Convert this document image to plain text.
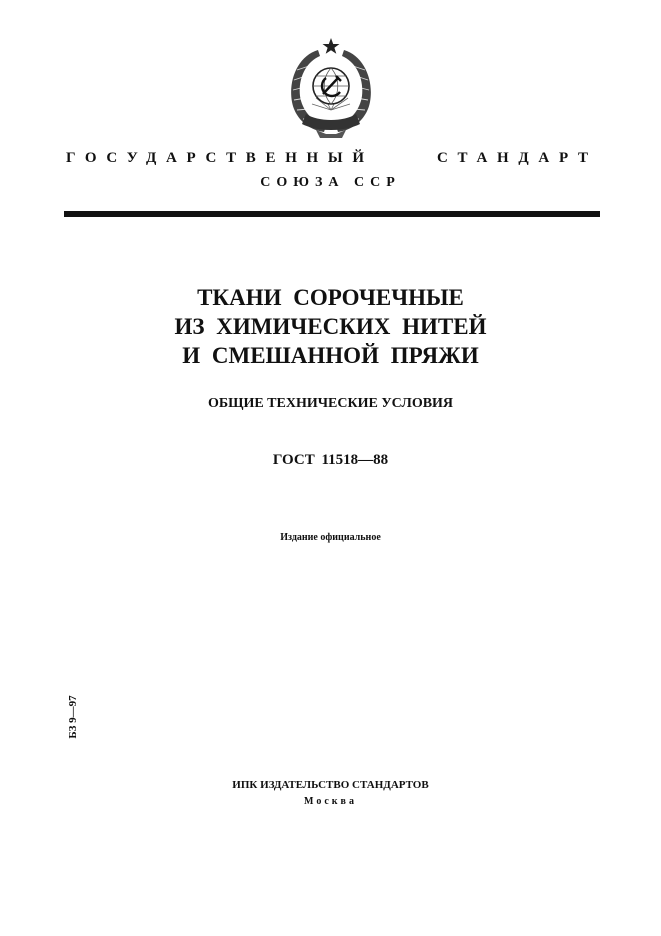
ГОСУДАРСТВЕННЫЙ	СТАНДАРТ
СОЮЗА ССР
ТКАНИ СОРОЧЕЧНЫЕ
ИЗ ХИМИЧЕСКИХ НИТЕЙ
И СМЕШАННОЙ ПРЯЖИ
ОБЩИЕ ТЕХНИЧЕСКИЕ УСЛОВИЯ
ГОСТ 11518—88
Издание официальное
БЗ 9—97
ИПК ИЗДАТЕЛЬСТВО СТАНДАРТОВ
Москва
